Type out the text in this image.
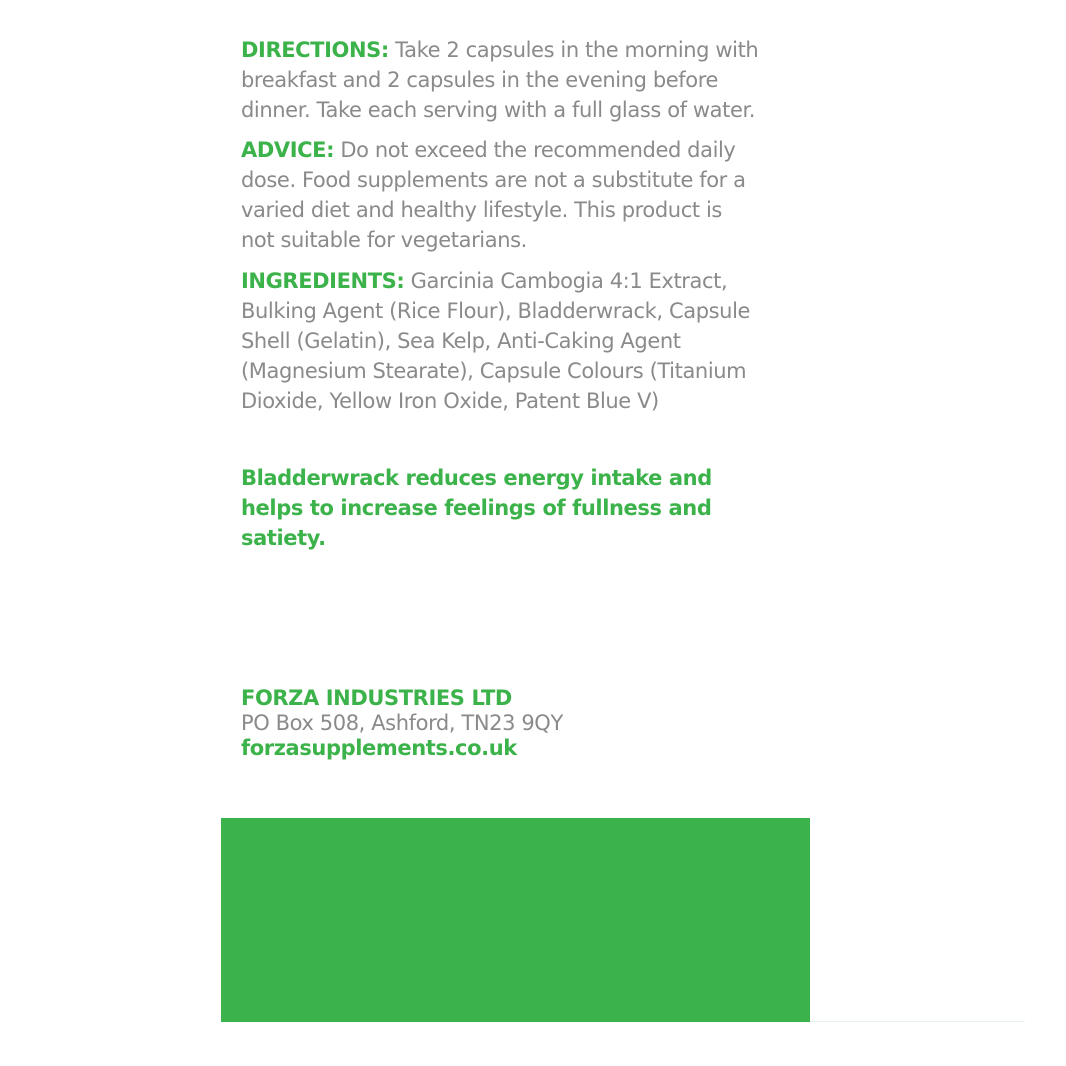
DIRECTIONS: Take 2 capsules in the morning with breakfast and 2 capsules in the evening before dinner. Take each serving with a full glass of water.
ADVICE: Do not exceed the recommended daily dose. Food supplements are not a substitute for a varied diet and healthy lifestyle. This product is not suitable for vegetarians.
INGREDIENTS: Garcinia Cambogia 4:1 Extract, Bulking Agent (Rice Flour), Bladderwrack, Capsule Shell (Gelatin), Sea Kelp, Anti-Caking Agent (Magnesium Stearate), Capsule Colours (Titanium Dioxide, Yellow Iron Oxide, Patent Blue V)
Bladderwrack reduces energy intake and helps to increase feelings of fullness and satiety.
FORZA INDUSTRIES LTD
PO Box 508, Ashford, TN23 9QY
forzasupplements.co.uk
